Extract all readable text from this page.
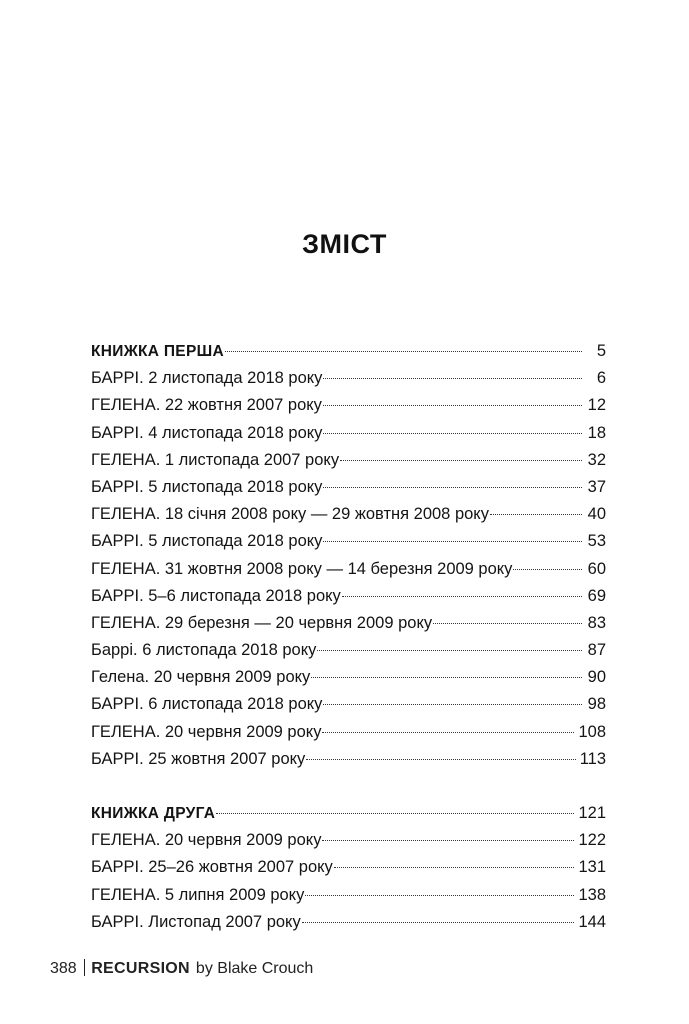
ЗМІСТ
КНИЖКА ПЕРША	5
БАРРІ. 2 листопада 2018 року	6
ГЕЛЕНА. 22 жовтня 2007 року	12
БАРРІ. 4 листопада 2018 року	18
ГЕЛЕНА. 1 листопада 2007 року	32
БАРРІ. 5 листопада 2018 року	37
ГЕЛЕНА. 18 січня 2008 року — 29 жовтня 2008 року	40
БАРРІ. 5 листопада 2018 року	53
ГЕЛЕНА. 31 жовтня 2008 року — 14 березня 2009 року	60
БАРРІ. 5–6 листопада 2018 року	69
ГЕЛЕНА. 29 березня — 20 червня 2009 року	83
Баррі. 6 листопада 2018 року	87
Гелена. 20 червня 2009 року	90
БАРРІ. 6 листопада 2018 року	98
ГЕЛЕНА. 20 червня 2009 року	108
БАРРІ. 25 жовтня 2007 року	113
КНИЖКА ДРУГА	121
ГЕЛЕНА. 20 червня 2009 року	122
БАРРІ. 25–26 жовтня 2007 року	131
ГЕЛЕНА. 5 липня 2009 року	138
БАРРІ. Листопад 2007 року	144
388 RECURSION by Blake Crouch
